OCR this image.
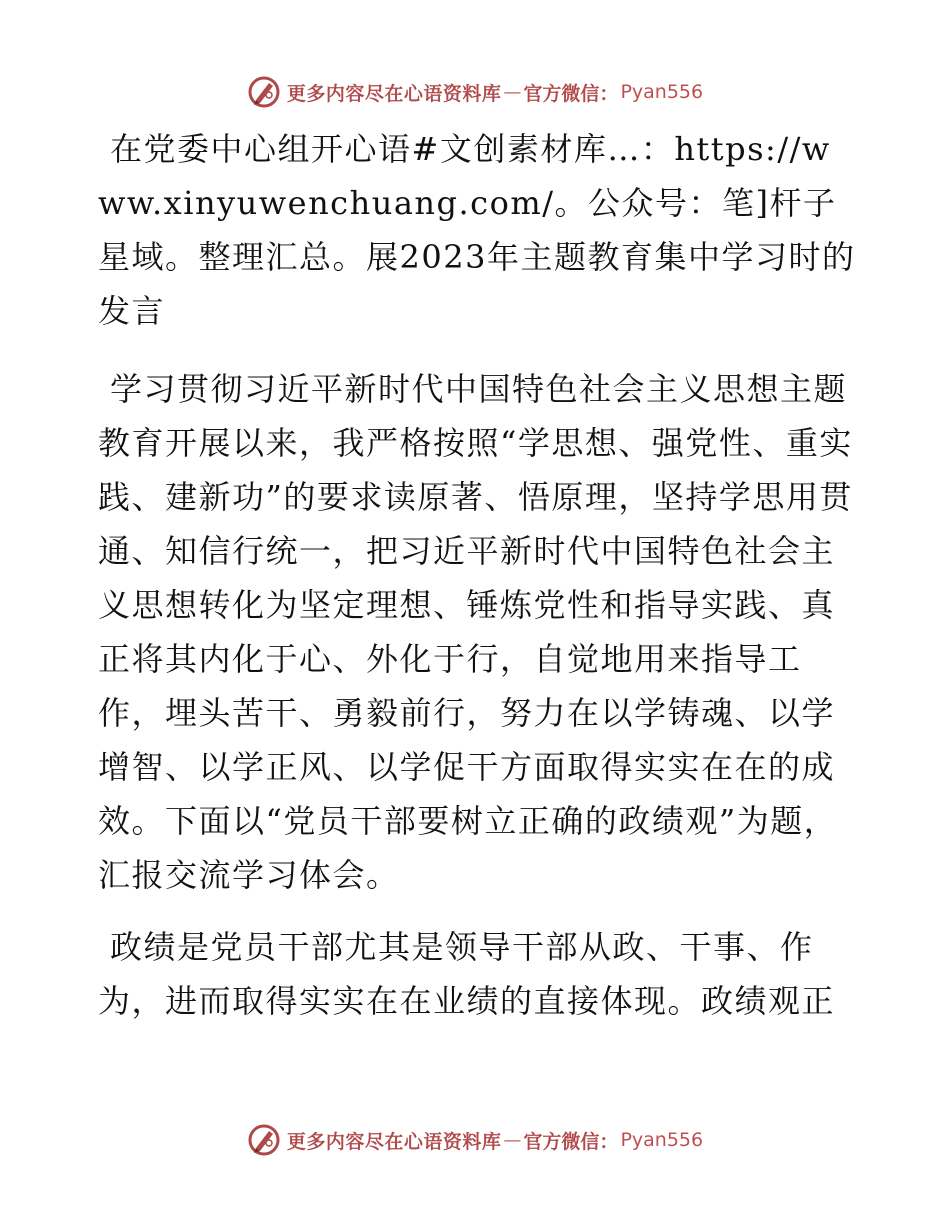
更多内容尽在心语资料库 — 官方微信： Pyan556

在党委中心组开心语#文创素材库…：https://www.xinyuwenchuang.com/。公众号：笔]杆子星域。整理汇总。展2023年主题教育集中学习时的发言

学习贯彻习近平新时代中国特色社会主义思想主题教育开展以来，我严格按照“学思想、强党性、重实践、建新功”的要求读原著、悟原理，坚持学思用贯通、知信行统一，把习近平新时代中国特色社会主义思想转化为坚定理想、锤炼党性和指导实践、真正将其内化于心、外化于行，自觉地用来指导工作，埋头苦干、勇毅前行，努力在以学铸魂、以学增智、以学正风、以学促干方面取得实实在在的成效。下面以“党员干部要树立正确的政绩观”为题，汇报交流学习体会。

政绩是党员干部尤其是领导干部从政、干事、作为，进而取得实实在在业绩的直接体现。政绩观正

更多内容尽在心语资料库 — 官方微信： Pyan556
